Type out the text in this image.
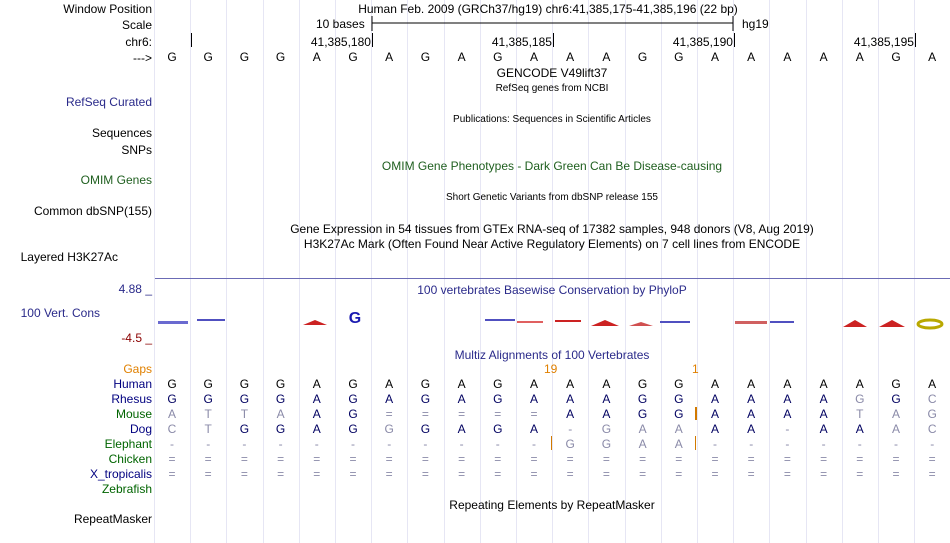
Window Position
Scale
chr6:
--->
RefSeq Curated
Sequences
SNPs
OMIM Genes
Common dbSNP(155)
Layered H3K27Ac
4.88 _
100 Vert. Cons
-4.5 _
Gaps
Human
Rhesus
Mouse
Dog
Elephant
Chicken
X_tropicalis
Zebrafish
RepeatMasker
Human Feb. 2009 (GRCh37/hg19) chr6:41,385,175-41,385,196 (22 bp)
10 bases	hg19
41,385,180	41,385,185	41,385,190	41,385,195
G	G	G	G	A	G	A	G	A	G	A	A	A	G	G	A	A	A	A	A	G	A
GENCODE V49lift37
RefSeq genes from NCBI
Publications: Sequences in Scientific Articles
OMIM Gene Phenotypes - Dark Green Can Be Disease-causing
Short Genetic Variants from dbSNP release 155
Gene Expression in 54 tissues from GTEx RNA-seq of 17382 samples, 948 donors (V8, Aug 2019)
H3K27Ac Mark (Often Found Near Active Regulatory Elements) on 7 cell lines from ENCODE
100 vertebrates Basewise Conservation by PhyloP
G
Multiz Alignments of 100 Vertebrates
19	1
G	G	G	G	A	G	A	G	A	G	A	A	A	G	G	A	A	A	A	A	G	A
G	G	G	G	A	G	A	G	A	G	A	A	A	G	G	A	A	A	A	G	G	C
A	T	T	A	A	G	=	=	=	=	=	A	A	G	G	A	A	A	A	T	A	G
C	T	G	G	A	G	G	G	A	G	A	-	G	A	A	A	A	-	A	A	A	C
-	-	-	-	-	-	-	-	-	-	-	G	G	A	A	-	-	-	-	-	-	-
=	=	=	=	=	=	=	=	=	=	=	=	=	=	=	=	=	=	=	=	=	=
=	=	=	=	=	=	=	=	=	=	=	=	=	=	=	=	=	=	=	=	=	=
Repeating Elements by RepeatMasker
